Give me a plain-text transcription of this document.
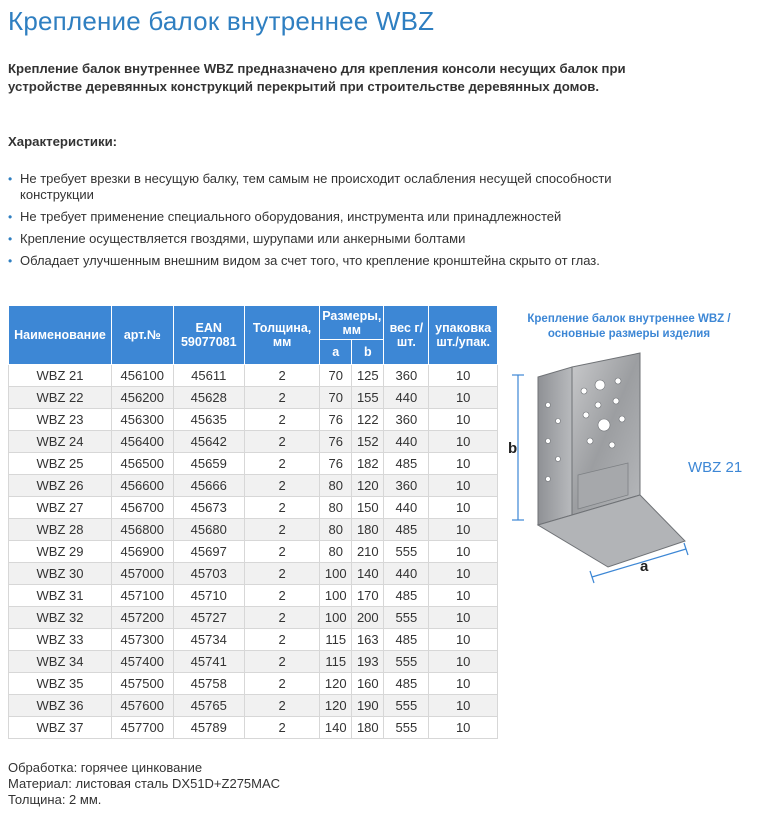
Крепление балок внутреннее WBZ
Крепление балок внутреннее WBZ предназначено для крепления консоли несущих балок при устройстве деревянных конструкций перекрытий при строительстве деревянных домов.
Характеристики:
• Не требует врезки в несущую балку, тем самым не происходит ослабления несущей способности конструкции
• Не требует применение специального оборудования, инструмента или принадлежностей
• Крепление осуществляется гвоздями, шурупами или анкерными болтами
• Обладает улучшенным внешним видом за счет того, что крепление кронштейна скрыто от глаз.
Наименование	арт.№	EAN 59077081	Толщина, мм	Размеры, мм		вес г/шт.	упаковка шт./упак.
				a	b		
WBZ 21	456100	45611	2	70	125	360	10
WBZ 22	456200	45628	2	70	155	440	10
WBZ 23	456300	45635	2	76	122	360	10
WBZ 24	456400	45642	2	76	152	440	10
WBZ 25	456500	45659	2	76	182	485	10
WBZ 26	456600	45666	2	80	120	360	10
WBZ 27	456700	45673	2	80	150	440	10
WBZ 28	456800	45680	2	80	180	485	10
WBZ 29	456900	45697	2	80	210	555	10
WBZ 30	457000	45703	2	100	140	440	10
WBZ 31	457100	45710	2	100	170	485	10
WBZ 32	457200	45727	2	100	200	555	10
WBZ 33	457300	45734	2	115	163	485	10
WBZ 34	457400	45741	2	115	193	555	10
WBZ 35	457500	45758	2	120	160	485	10
WBZ 36	457600	45765	2	120	190	555	10
WBZ 37	457700	45789	2	140	180	555	10
Крепление балок внутреннее WBZ / основные размеры изделия
b
a
WBZ 21
Обработка: горячее цинкование
Материал: листовая сталь DX51D+Z275MAC
Толщина: 2 мм.
